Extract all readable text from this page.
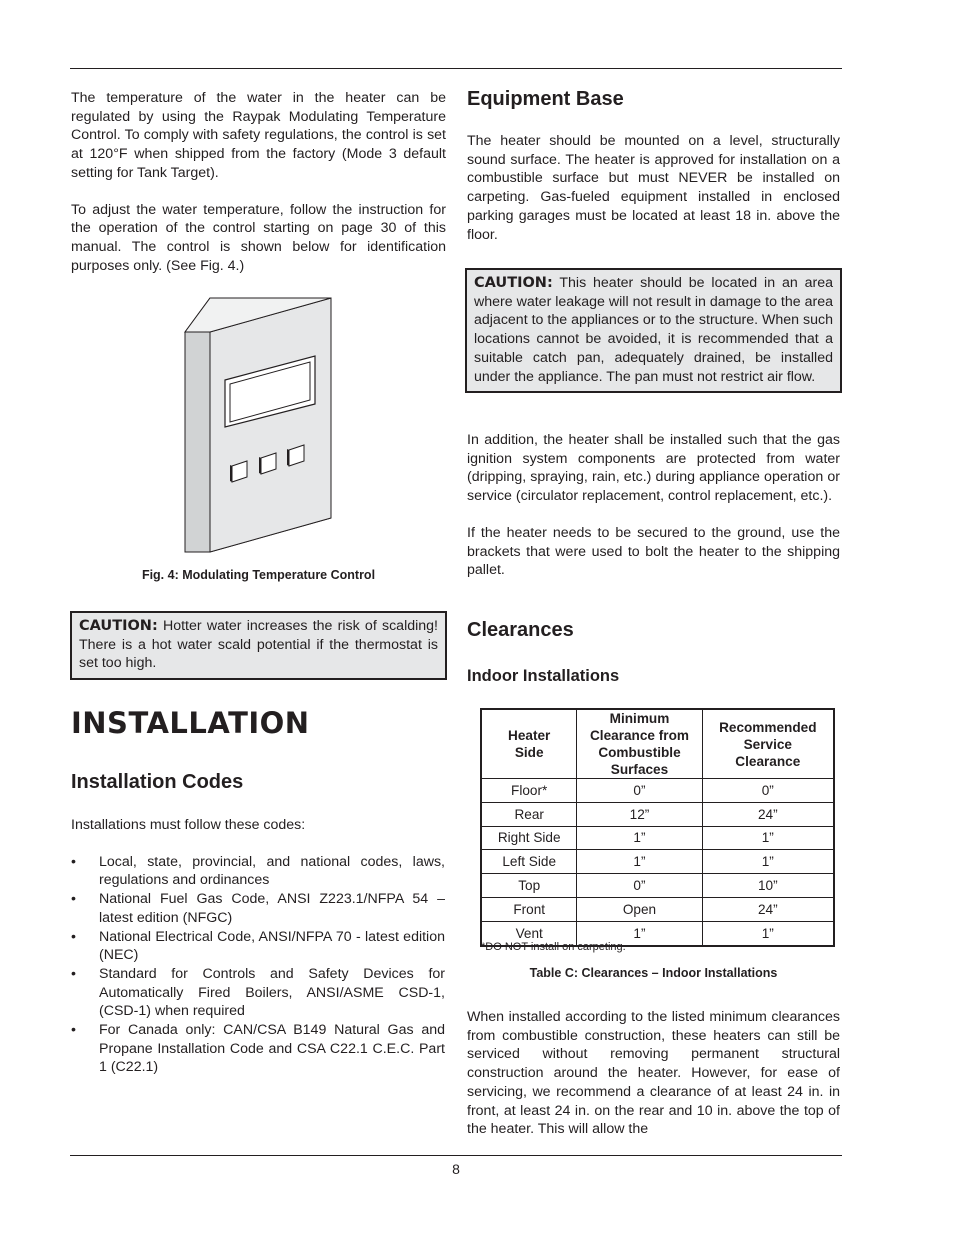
The temperature of the water in the heater can be regulated by using the Raypak Modulating Temperature Control. To comply with safety regulations, the control is set at 120°F when shipped from the factory (Mode 3 default setting for Tank Target).

To adjust the water temperature, follow the instruction for the operation of the control starting on page 30 of this manual. The control is shown below for identification purposes only. (See Fig. 4.)

Fig. 4: Modulating Temperature Control

CAUTION: Hotter water increases the risk of scalding! There is a hot water scald potential if the thermostat is set too high.

INSTALLATION
Installation Codes

Installations must follow these codes:

• Local, state, provincial, and national codes, laws, regulations and ordinances
• National Fuel Gas Code, ANSI Z223.1/NFPA 54 – latest edition (NFGC)
• National Electrical Code, ANSI/NFPA 70 - latest edition (NEC)
• Standard for Controls and Safety Devices for Automatically Fired Boilers, ANSI/ASME CSD-1, (CSD-1) when required
• For Canada only: CAN/CSA B149 Natural Gas and Propane Installation Code and CSA C22.1 C.E.C. Part 1 (C22.1)
Equipment Base

The heater should be mounted on a level, structurally sound surface. The heater is approved for installation on a combustible surface but must NEVER be installed on carpeting. Gas-fueled equipment installed in enclosed parking garages must be located at least 18 in. above the floor.

CAUTION: This heater should be located in an area where water leakage will not result in damage to the area adjacent to the appliances or to the structure. When such locations cannot be avoided, it is recommended that a suitable catch pan, adequately drained, be installed under the appliance. The pan must not restrict air flow.

In addition, the heater shall be installed such that the gas ignition system components are protected from water (dripping, spraying, rain, etc.) during appliance operation or service (circulator replacement, control replacement, etc.).

If the heater needs to be secured to the ground, use the brackets that were used to bolt the heater to the shipping pallet.

Clearances
Indoor Installations
Heater Side	Minimum Clearance from Combustible Surfaces	Recommended Service Clearance
Floor*	0”	0”
Rear	12”	24”
Right Side	1”	1”
Left Side	1”	1”
Top	0”	10”
Front	Open	24”
Vent	1”	1”
*DO NOT install on carpeting.
Table C: Clearances – Indoor Installations

When installed according to the listed minimum clearances from combustible construction, these heaters can still be serviced without removing permanent structural construction around the heater. However, for ease of servicing, we recommend a clearance of at least 24 in. in front, at least 24 in. on the rear and 10 in. above the top of the heater. This will allow the

8
